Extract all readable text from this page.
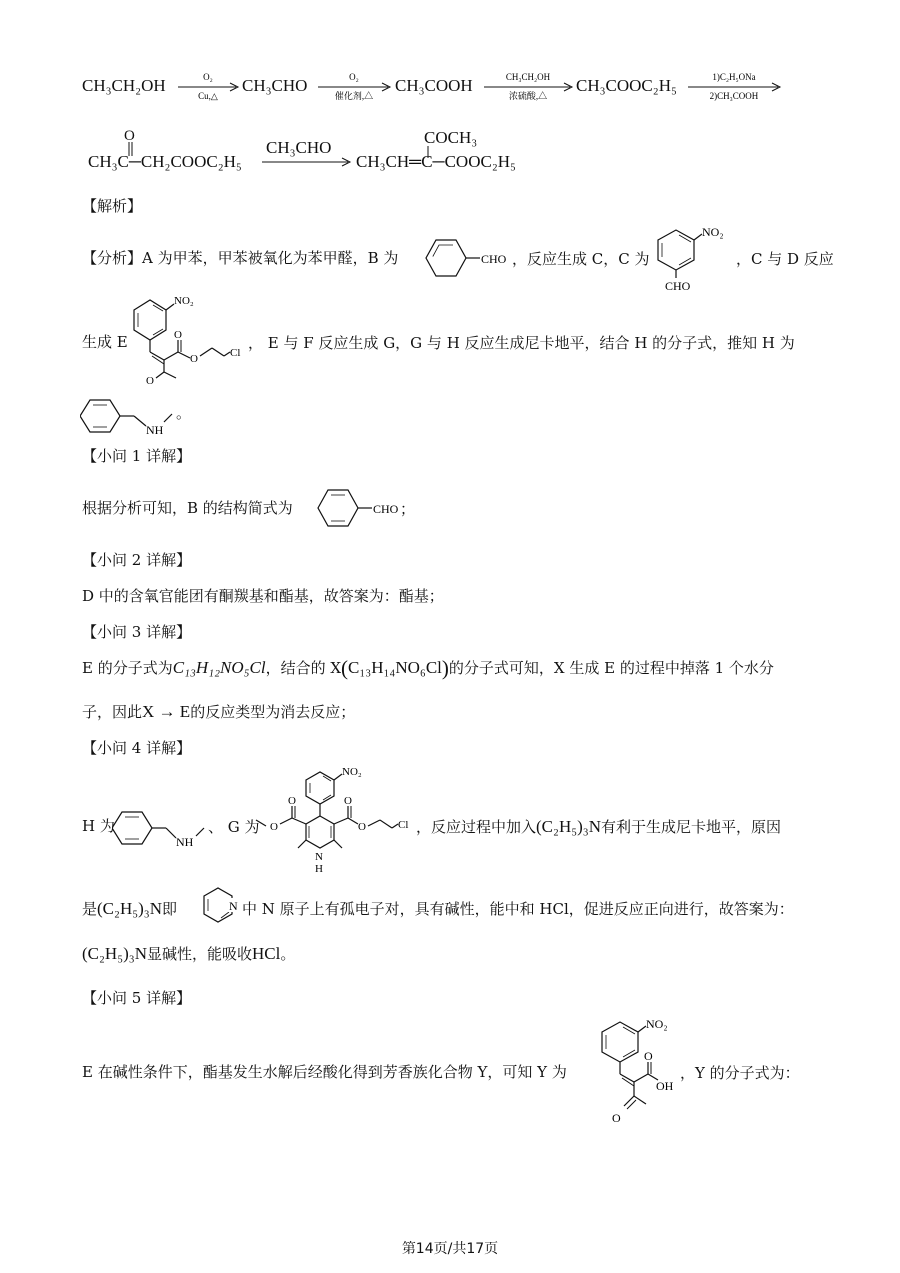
CH₃CH₂OH	O₂
Cu,△
CH₃CHO	O₂
催化剂,△
CH₃COOH	CH₃CH₂OH
浓硫酸,△
CH₃COOC₂H₅	1)C₂H₅ONa
2)CH₃COOH
O
CH₃C─CH₂COOC₂H₅
CH₃CHO
COCH₃
CH₃CH═C─COOC₂H₅
【解析】
【分析】A 为甲苯，甲苯被氧化为苯甲醛，B 为	CHO ，反应生成 C，C 为
NO₂
CHO
，C 与 D 反应
生成 E
NO₂
O
O	Cl
O
， E 与 F 反应生成 G，G 与 H 反应生成尼卡地平，结合 H 的分子式，推知 H 为
NH
。
【小问 1 详解】
根据分析可知，B 的结构简式为	CHO ；
【小问 2 详解】
D 中的含氧官能团有酮羰基和酯基，故答案为：酯基；
【小问 3 详解】
E 的分子式为C₁₃H₁₂NO₅Cl，结合的 X(C₁₃H₁₄NO₆Cl)的分子式可知，X 生成 E 的过程中掉落 1 个水分
子，因此X → E的反应类型为消去反应；
【小问 4 详解】
H 为
NH
、 G 为
NO₂
N
H
O
O
O
O	Cl ，反应过程中加入(C₂H₅)₃N有利于生成尼卡地平，原因
是(C₂H₅)₃N即	N 中 N 原子上有孤电子对，具有碱性，能中和 HCl，促进反应正向进行，故答案为：
(C₂H₅)₃N显碱性，能吸收HCl。
【小问 5 详解】
E 在碱性条件下，酯基发生水解后经酸化得到芳香族化合物 Y，可知 Y 为
NO₂
O
OH
O
，Y 的分子式为：
第14页/共17页
